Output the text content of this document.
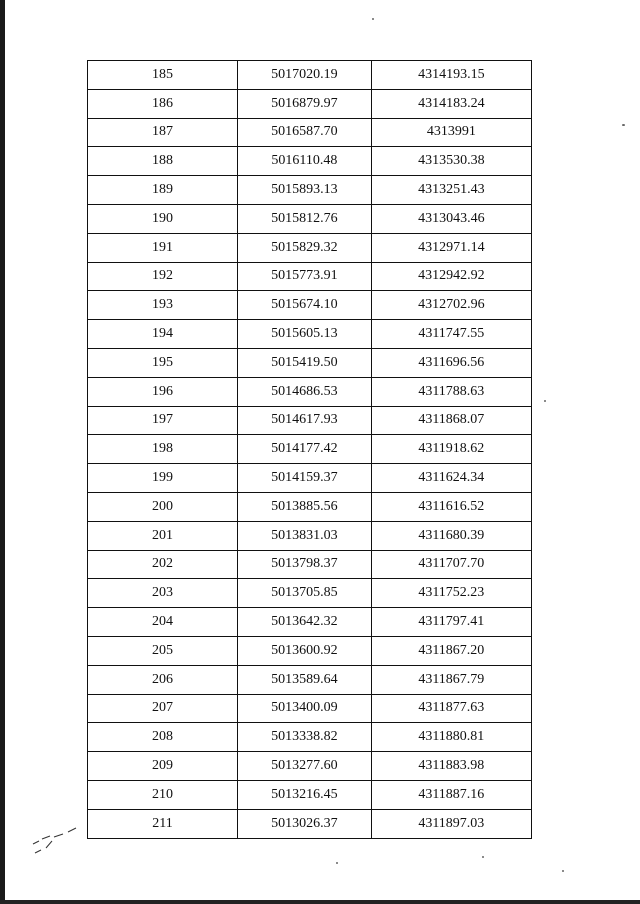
185	5017020.19	4314193.15
186	5016879.97	4314183.24
187	5016587.70	4313991
188	5016110.48	4313530.38
189	5015893.13	4313251.43
190	5015812.76	4313043.46
191	5015829.32	4312971.14
192	5015773.91	4312942.92
193	5015674.10	4312702.96
194	5015605.13	4311747.55
195	5015419.50	4311696.56
196	5014686.53	4311788.63
197	5014617.93	4311868.07
198	5014177.42	4311918.62
199	5014159.37	4311624.34
200	5013885.56	4311616.52
201	5013831.03	4311680.39
202	5013798.37	4311707.70
203	5013705.85	4311752.23
204	5013642.32	4311797.41
205	5013600.92	4311867.20
206	5013589.64	4311867.79
207	5013400.09	4311877.63
208	5013338.82	4311880.81
209	5013277.60	4311883.98
210	5013216.45	4311887.16
211	5013026.37	4311897.03
